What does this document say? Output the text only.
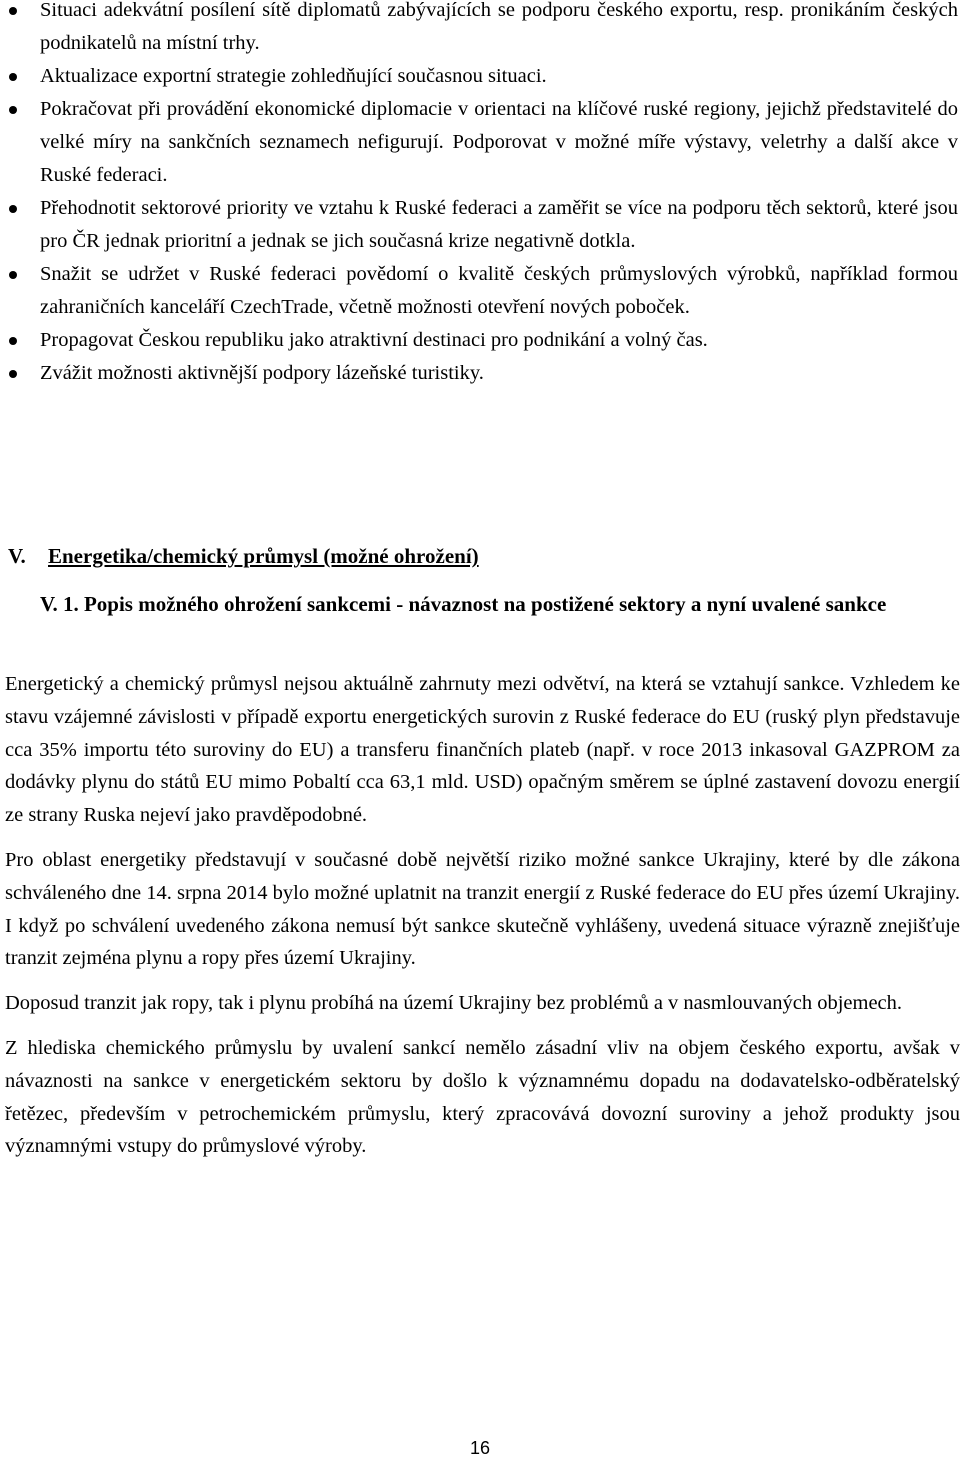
Situaci adekvátní posílení sítě diplomatů zabývajících se podporu českého exportu, resp. pronikáním českých podnikatelů na místní trhy.
Aktualizace exportní strategie zohledňující současnou situaci.
Pokračovat při provádění ekonomické diplomacie v orientaci na klíčové ruské regiony, jejichž představitelé do velké míry na sankčních seznamech nefigurují. Podporovat v možné míře výstavy, veletrhy a další akce v Ruské federaci.
Přehodnotit sektorové priority ve vztahu k Ruské federaci a zaměřit se více na podporu těch sektorů, které jsou pro ČR jednak prioritní a jednak se jich současná krize negativně dotkla.
Snažit se udržet v Ruské federaci povědomí o kvalitě českých průmyslových výrobků, například formou zahraničních kanceláří CzechTrade, včetně možnosti otevření nových poboček.
Propagovat Českou republiku jako atraktivní destinaci pro podnikání a volný čas.
Zvážit možnosti aktivnější podpory lázeňské turistiky.
V. Energetika/chemický průmysl (možné ohrožení)
V. 1. Popis možného ohrožení sankcemi - návaznost na postižené sektory a nyní uvalené sankce

Energetický a chemický průmysl nejsou aktuálně zahrnuty mezi odvětví, na která se vztahují sankce. Vzhledem ke stavu vzájemné závislosti v případě exportu energetických surovin z Ruské federace do EU (ruský plyn představuje cca 35% importu této suroviny do EU) a transferu finančních plateb (např. v roce 2013 inkasoval GAZPROM za dodávky plynu do států EU mimo Pobaltí cca 63,1 mld. USD) opačným směrem se úplné zastavení dovozu energií ze strany Ruska nejeví jako pravděpodobné.

Pro oblast energetiky představují v současné době největší riziko možné sankce Ukrajiny, které by dle zákona schváleného dne 14. srpna 2014 bylo možné uplatnit na tranzit energií z Ruské federace do EU přes území Ukrajiny. I když po schválení uvedeného zákona nemusí být sankce skutečně vyhlášeny, uvedená situace výrazně znejišťuje tranzit zejména plynu a ropy přes území Ukrajiny.

Doposud tranzit jak ropy, tak i plynu probíhá na území Ukrajiny bez problémů a v nasmlouvaných objemech.

Z hlediska chemického průmyslu by uvalení sankcí nemělo zásadní vliv na objem českého exportu, avšak v návaznosti na sankce v energetickém sektoru by došlo k významnému dopadu na dodavatelsko-odběratelský řetězec, především v petrochemickém průmyslu, který zpracovává dovozní suroviny a jehož produkty jsou významnými vstupy do průmyslové výroby.

16
